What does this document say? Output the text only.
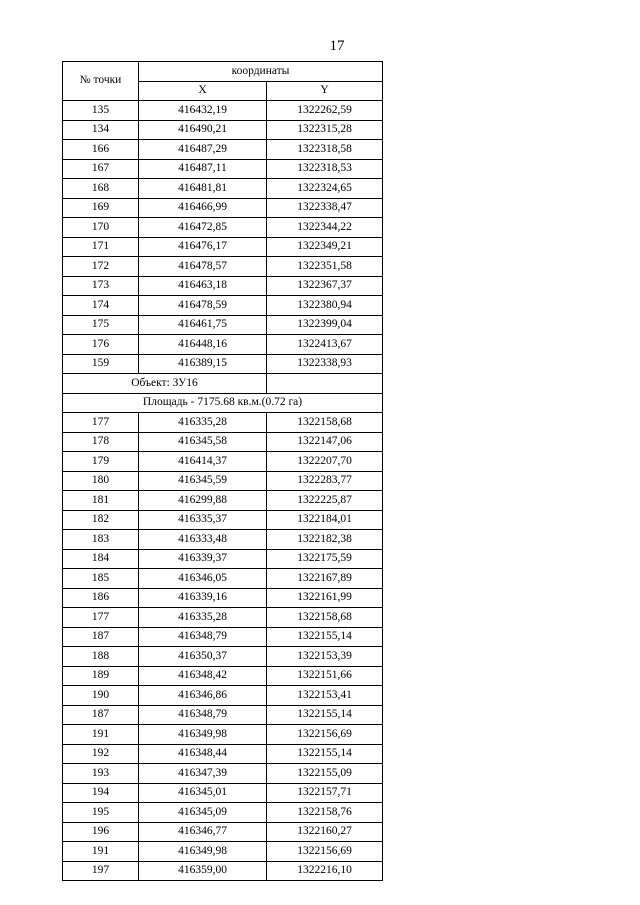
17
№ точки	координаты	
	X	Y
135	416432,19	1322262,59
134	416490,21	1322315,28
166	416487,29	1322318,58
167	416487,11	1322318,53
168	416481,81	1322324,65
169	416466,99	1322338,47
170	416472,85	1322344,22
171	416476,17	1322349,21
172	416478,57	1322351,58
173	416463,18	1322367,37
174	416478,59	1322380,94
175	416461,75	1322399,04
176	416448,16	1322413,67
159	416389,15	1322338,93
Объект: ЗУ16		
Площадь - 7175.68 кв.м.(0.72 га)		
177	416335,28	1322158,68
178	416345,58	1322147,06
179	416414,37	1322207,70
180	416345,59	1322283,77
181	416299,88	1322225,87
182	416335,37	1322184,01
183	416333,48	1322182,38
184	416339,37	1322175,59
185	416346,05	1322167,89
186	416339,16	1322161,99
177	416335,28	1322158,68
187	416348,79	1322155,14
188	416350,37	1322153,39
189	416348,42	1322151,66
190	416346,86	1322153,41
187	416348,79	1322155,14
191	416349,98	1322156,69
192	416348,44	1322155,14
193	416347,39	1322155,09
194	416345,01	1322157,71
195	416345,09	1322158,76
196	416346,77	1322160,27
191	416349,98	1322156,69
197	416359,00	1322216,10
